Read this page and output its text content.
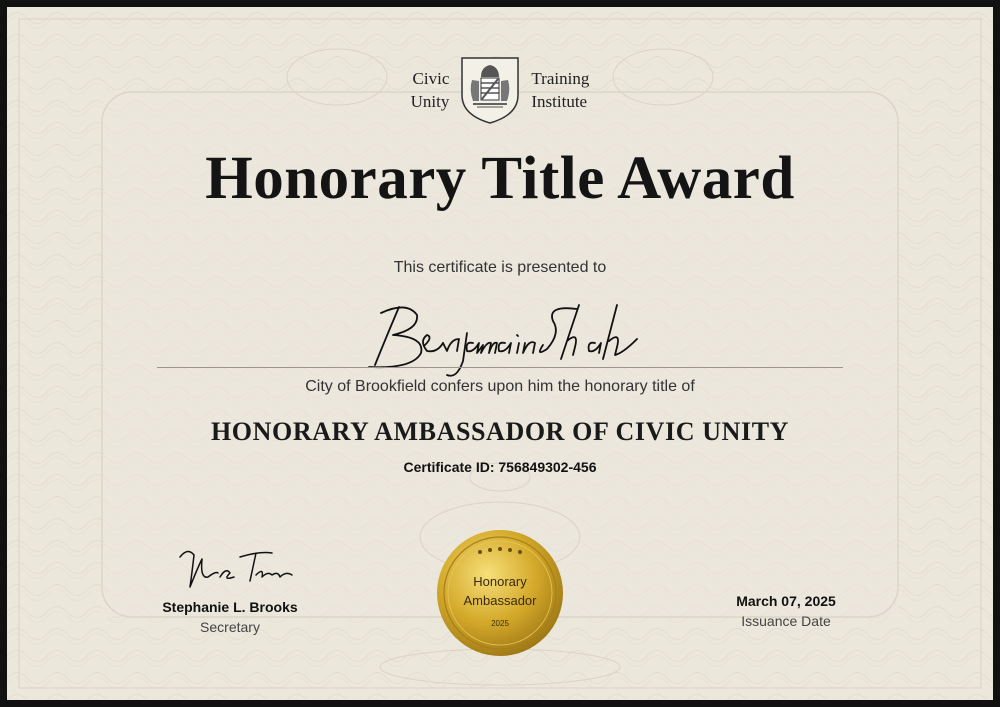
Civic
Unity
Training
Institute
Honorary Title Award
This certificate is presented to
City of Brookfield confers upon him the honorary title of
HONORARY AMBASSADOR OF CIVIC UNITY
Certificate ID: 756849302-456
Stephanie L. Brooks
Secretary
March 07, 2025
Issuance Date
Honorary
Ambassador
2025
